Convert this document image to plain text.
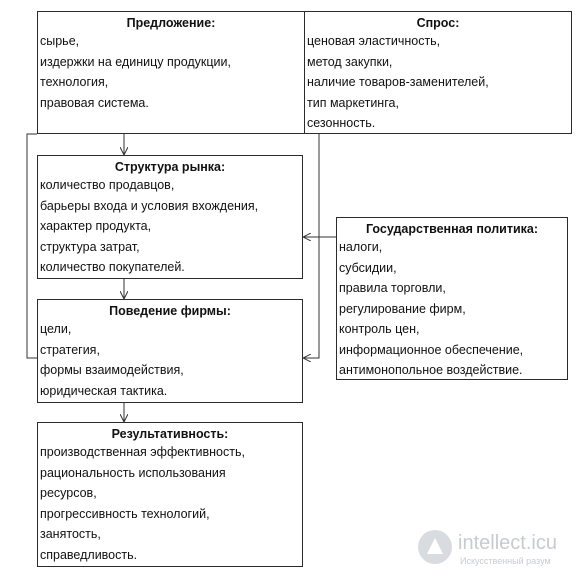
Предложение:
сырье,
издержки на единицу продукции,
технология,
правовая система.
Спрос:
ценовая эластичность,
метод закупки,
наличие товаров-заменителей,
тип маркетинга,
сезонность.
Структура рынка:
количество продавцов,
барьеры входа и условия вхождения,
характер продукта,
структура затрат,
количество покупателей.
Поведение фирмы:
цели,
стратегия,
формы взаимодействия,
юридическая тактика.
Результативность:
производственная эффективность,
рациональность использования
ресурсов,
прогрессивность технологий,
занятость,
справедливость.
Государственная политика:
налоги,
субсидии,
правила торговли,
регулирование фирм,
контроль цен,
информационное обеспечение,
антимонопольное воздействие.
intellect.icu
Искусственный разум
